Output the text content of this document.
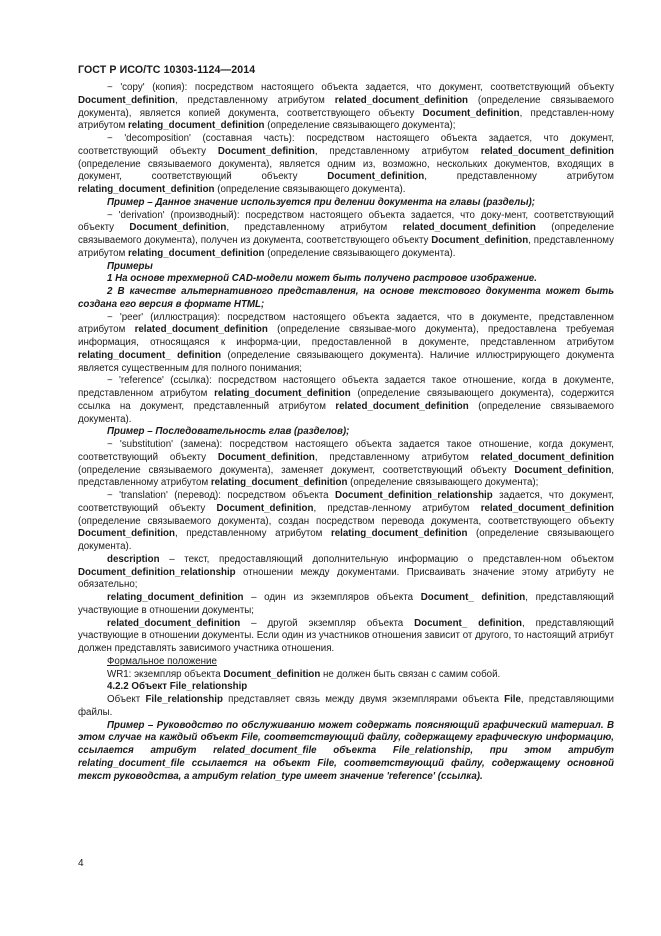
ГОСТ Р ИСО/ТС 10303-1124—2014

− 'copy' (копия): посредством настоящего объекта задается, что документ, соответствующий объекту Document_definition, представленному атрибутом related_document_definition (определение связываемого документа), является копией документа, соответствующего объекту Document_definition, представлен-ному атрибутом relating_document_definition (определение связывающего документа);

− 'decomposition' (составная часть): посредством настоящего объекта задается, что документ, соответствующий объекту Document_definition, представленному атрибутом related_document_definition (определение связываемого документа), является одним из, возможно, нескольких документов, входящих в документ, соответствующий объекту Document_definition, представленному атрибутом relating_document_definition (определение связывающего документа).

Пример – Данное значение используется при делении документа на главы (разделы);

− 'derivation' (производный): посредством настоящего объекта задается, что доку-мент, соответствующий объекту Document_definition, представленному атрибутом related_document_definition (определение связываемого документа), получен из документа, соответствующего объекту Document_definition, представленному атрибутом relating_document_definition (определение связывающего документа).

Примеры

1 На основе трехмерной CAD-модели может быть получено растровое изображение.

2 В качестве альтернативного представления, на основе текстового документа может быть создана его версия в формате HTML;

− 'peer' (иллюстрация): посредством настоящего объекта задается, что в документе, представленном атрибутом related_document_definition (определение связывае-мого документа), предоставлена требуемая информация, относящаяся к информа-ции, предоставленной в документе, представленном атрибутом relating_document_ definition (определение связывающего документа). Наличие иллюстрирующего документа является существенным для полного понимания;

− 'reference' (ссылка): посредством настоящего объекта задается такое отношение, когда в документе, представленном атрибутом relating_document_definition (определение связывающего документа), содержится ссылка на документ, представленный атрибутом related_document_definition (определение связываемого документа).

Пример – Последовательность глав (разделов);

− 'substitution' (замена): посредством настоящего объекта задается такое отношение, когда документ, соответствующий объекту Document_definition, представленному атрибутом related_document_definition (определение связываемого документа), заменяет документ, соответствующий объекту Document_definition, представленному атрибутом relating_document_definition (определение связывающего документа);

− 'translation' (перевод): посредством объекта Document_definition_relationship задается, что документ, соответствующий объекту Document_definition, представ-ленному атрибутом related_document_definition (определение связываемого документа), создан посредством перевода документа, соответствующего объекту Document_definition, представленному атрибутом relating_document_definition (определение связывающего документа).

description – текст, предоставляющий дополнительную информацию о представлен-ном объектом Document_definition_relationship отношении между документами. Присваивать значение этому атрибуту не обязательно;

relating_document_definition – один из экземпляров объекта Document_ definition, представляющий участвующие в отношении документы;

related_document_definition – другой экземпляр объекта Document_ definition, представляющий участвующие в отношении документы. Если один из участников отношения зависит от другого, то настоящий атрибут должен представлять зависимого участника отношения.

Формальное положение

WR1: экземпляр объекта Document_definition не должен быть связан с самим собой.

4.2.2 Объект File_relationship

Объект File_relationship представляет связь между двумя экземплярами объекта File, представляющими файлы.

Пример – Руководство по обслуживанию может содержать поясняющий графический материал. В этом случае на каждый объект File, соответствующий файлу, содержащему графическую информацию, ссылается атрибут related_document_file объекта File_relationship, при этом атрибут relating_document_file ссылается на объект File, соответствующий файлу, содержащему основной текст руководства, а атрибут relation_type имеет значение 'reference' (ссылка).

4
